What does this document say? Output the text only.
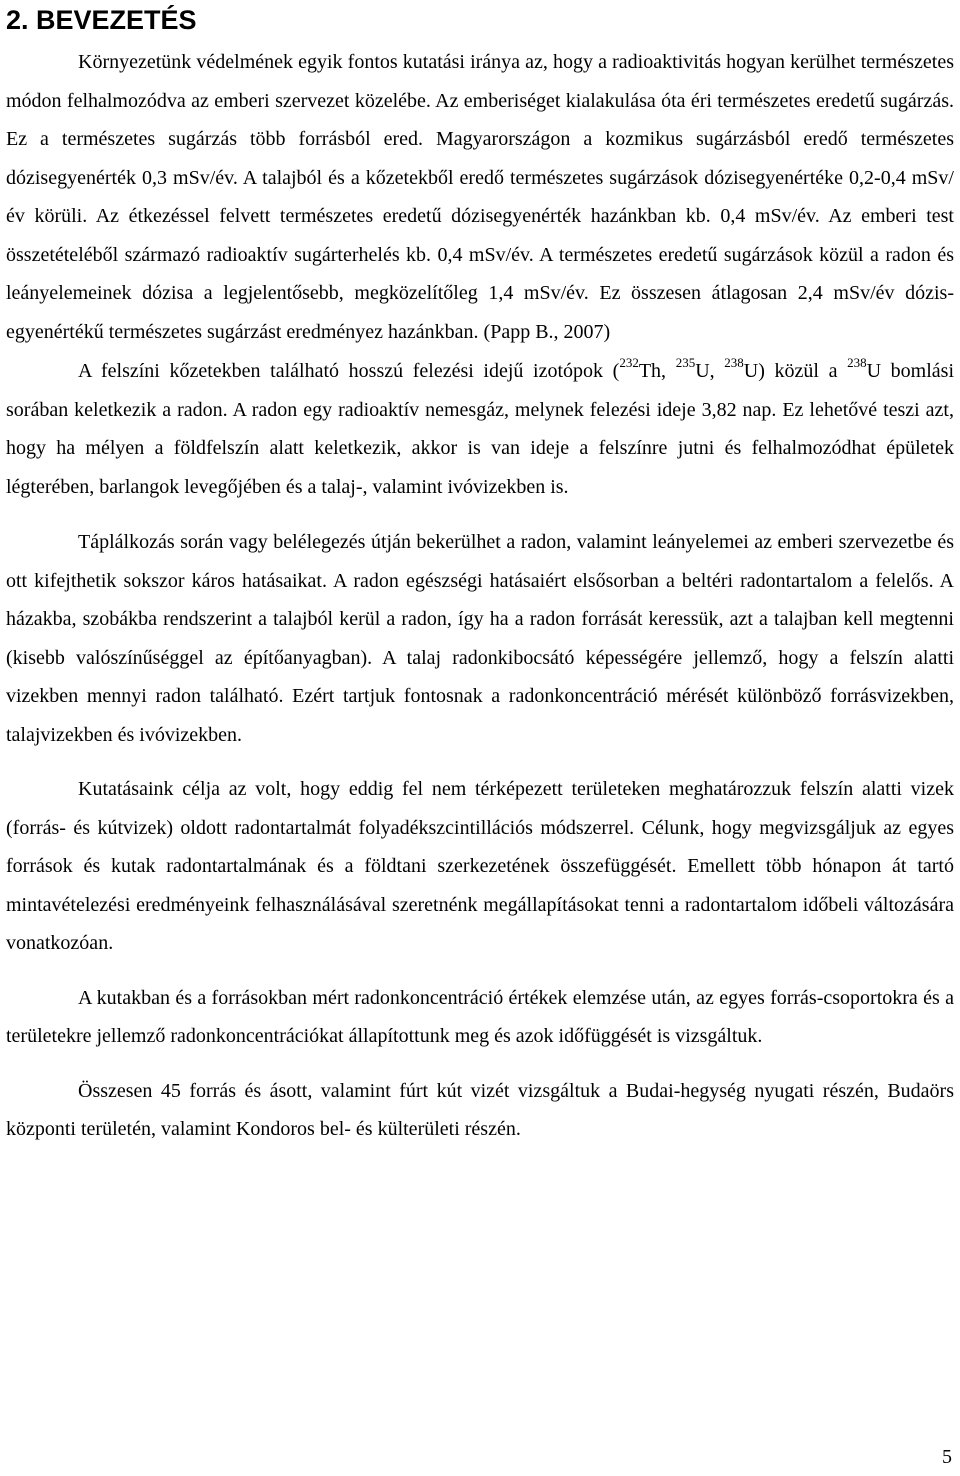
2. BEVEZETÉS

Környezetünk védelmének egyik fontos kutatási iránya az, hogy a radioaktivitás hogyan kerülhet természetes módon felhalmozódva az emberi szervezet közelébe. Az emberiséget kialakulása óta éri természetes eredetű sugárzás. Ez a természetes sugárzás több forrásból ered. Magyarországon a kozmikus sugárzásból eredő természetes dózisegyenérték 0,3 mSv/év. A talajból és a kőzetekből eredő természetes sugárzások dózisegyenértéke 0,2-0,4 mSv/év körüli. Az étkezéssel felvett természetes eredetű dózisegyenérték hazánkban kb. 0,4 mSv/év. Az emberi test összetételéből származó radioaktív sugárterhelés kb. 0,4 mSv/év. A természetes eredetű sugárzások közül a radon és leányelemeinek dózisa a legjelentősebb, megközelítőleg 1,4 mSv/év. Ez összesen átlagosan 2,4 mSv/év dózis-egyenértékű természetes sugárzást eredményez hazánkban. (Papp B., 2007)

A felszíni kőzetekben található hosszú felezési idejű izotópok ($^{232}$Th, $^{235}$U, $^{238}$U) közül a $^{238}$U bomlási sorában keletkezik a radon. A radon egy radioaktív nemesgáz, melynek felezési ideje 3,82 nap. Ez lehetővé teszi azt, hogy ha mélyen a földfelszín alatt keletkezik, akkor is van ideje a felszínre jutni és felhalmozódhat épületek légterében, barlangok levegőjében és a talaj-, valamint ivóvizekben is.

Táplálkozás során vagy belélegezés útján bekerülhet a radon, valamint leányelemei az emberi szervezetbe és ott kifejthetik sokszor káros hatásaikat. A radon egészségi hatásaiért elsősorban a beltéri radontartalom a felelős. A házakba, szobákba rendszerint a talajból kerül a radon, így ha a radon forrását keressük, azt a talajban kell megtenni (kisebb valószínűséggel az építőanyagban). A talaj radonkibocsátó képességére jellemző, hogy a felszín alatti vizekben mennyi radon található. Ezért tartjuk fontosnak a radonkoncentráció mérését különböző forrásvizekben, talajvizekben és ivóvizekben.

Kutatásaink célja az volt, hogy eddig fel nem térképezett területeken meghatározzuk felszín alatti vizek (forrás- és kútvizek) oldott radontartalmát folyadékszcintillációs módszerrel. Célunk, hogy megvizsgáljuk az egyes források és kutak radontartalmának és a földtani szerkezetének összefüggését. Emellett több hónapon át tartó mintavételezési eredményeink felhasználásával szeretnénk megállapításokat tenni a radontartalom időbeli változására vonatkozóan.

A kutakban és a forrásokban mért radonkoncentráció értékek elemzése után, az egyes forrás-csoportokra és a területekre jellemző radonkoncentrációkat állapítottunk meg és azok időfüggését is vizsgáltuk.

Összesen 45 forrás és ásott, valamint fúrt kút vizét vizsgáltuk a Budai-hegység nyugati részén, Budaörs központi területén, valamint Kondoros bel- és külterületi részén.

5
